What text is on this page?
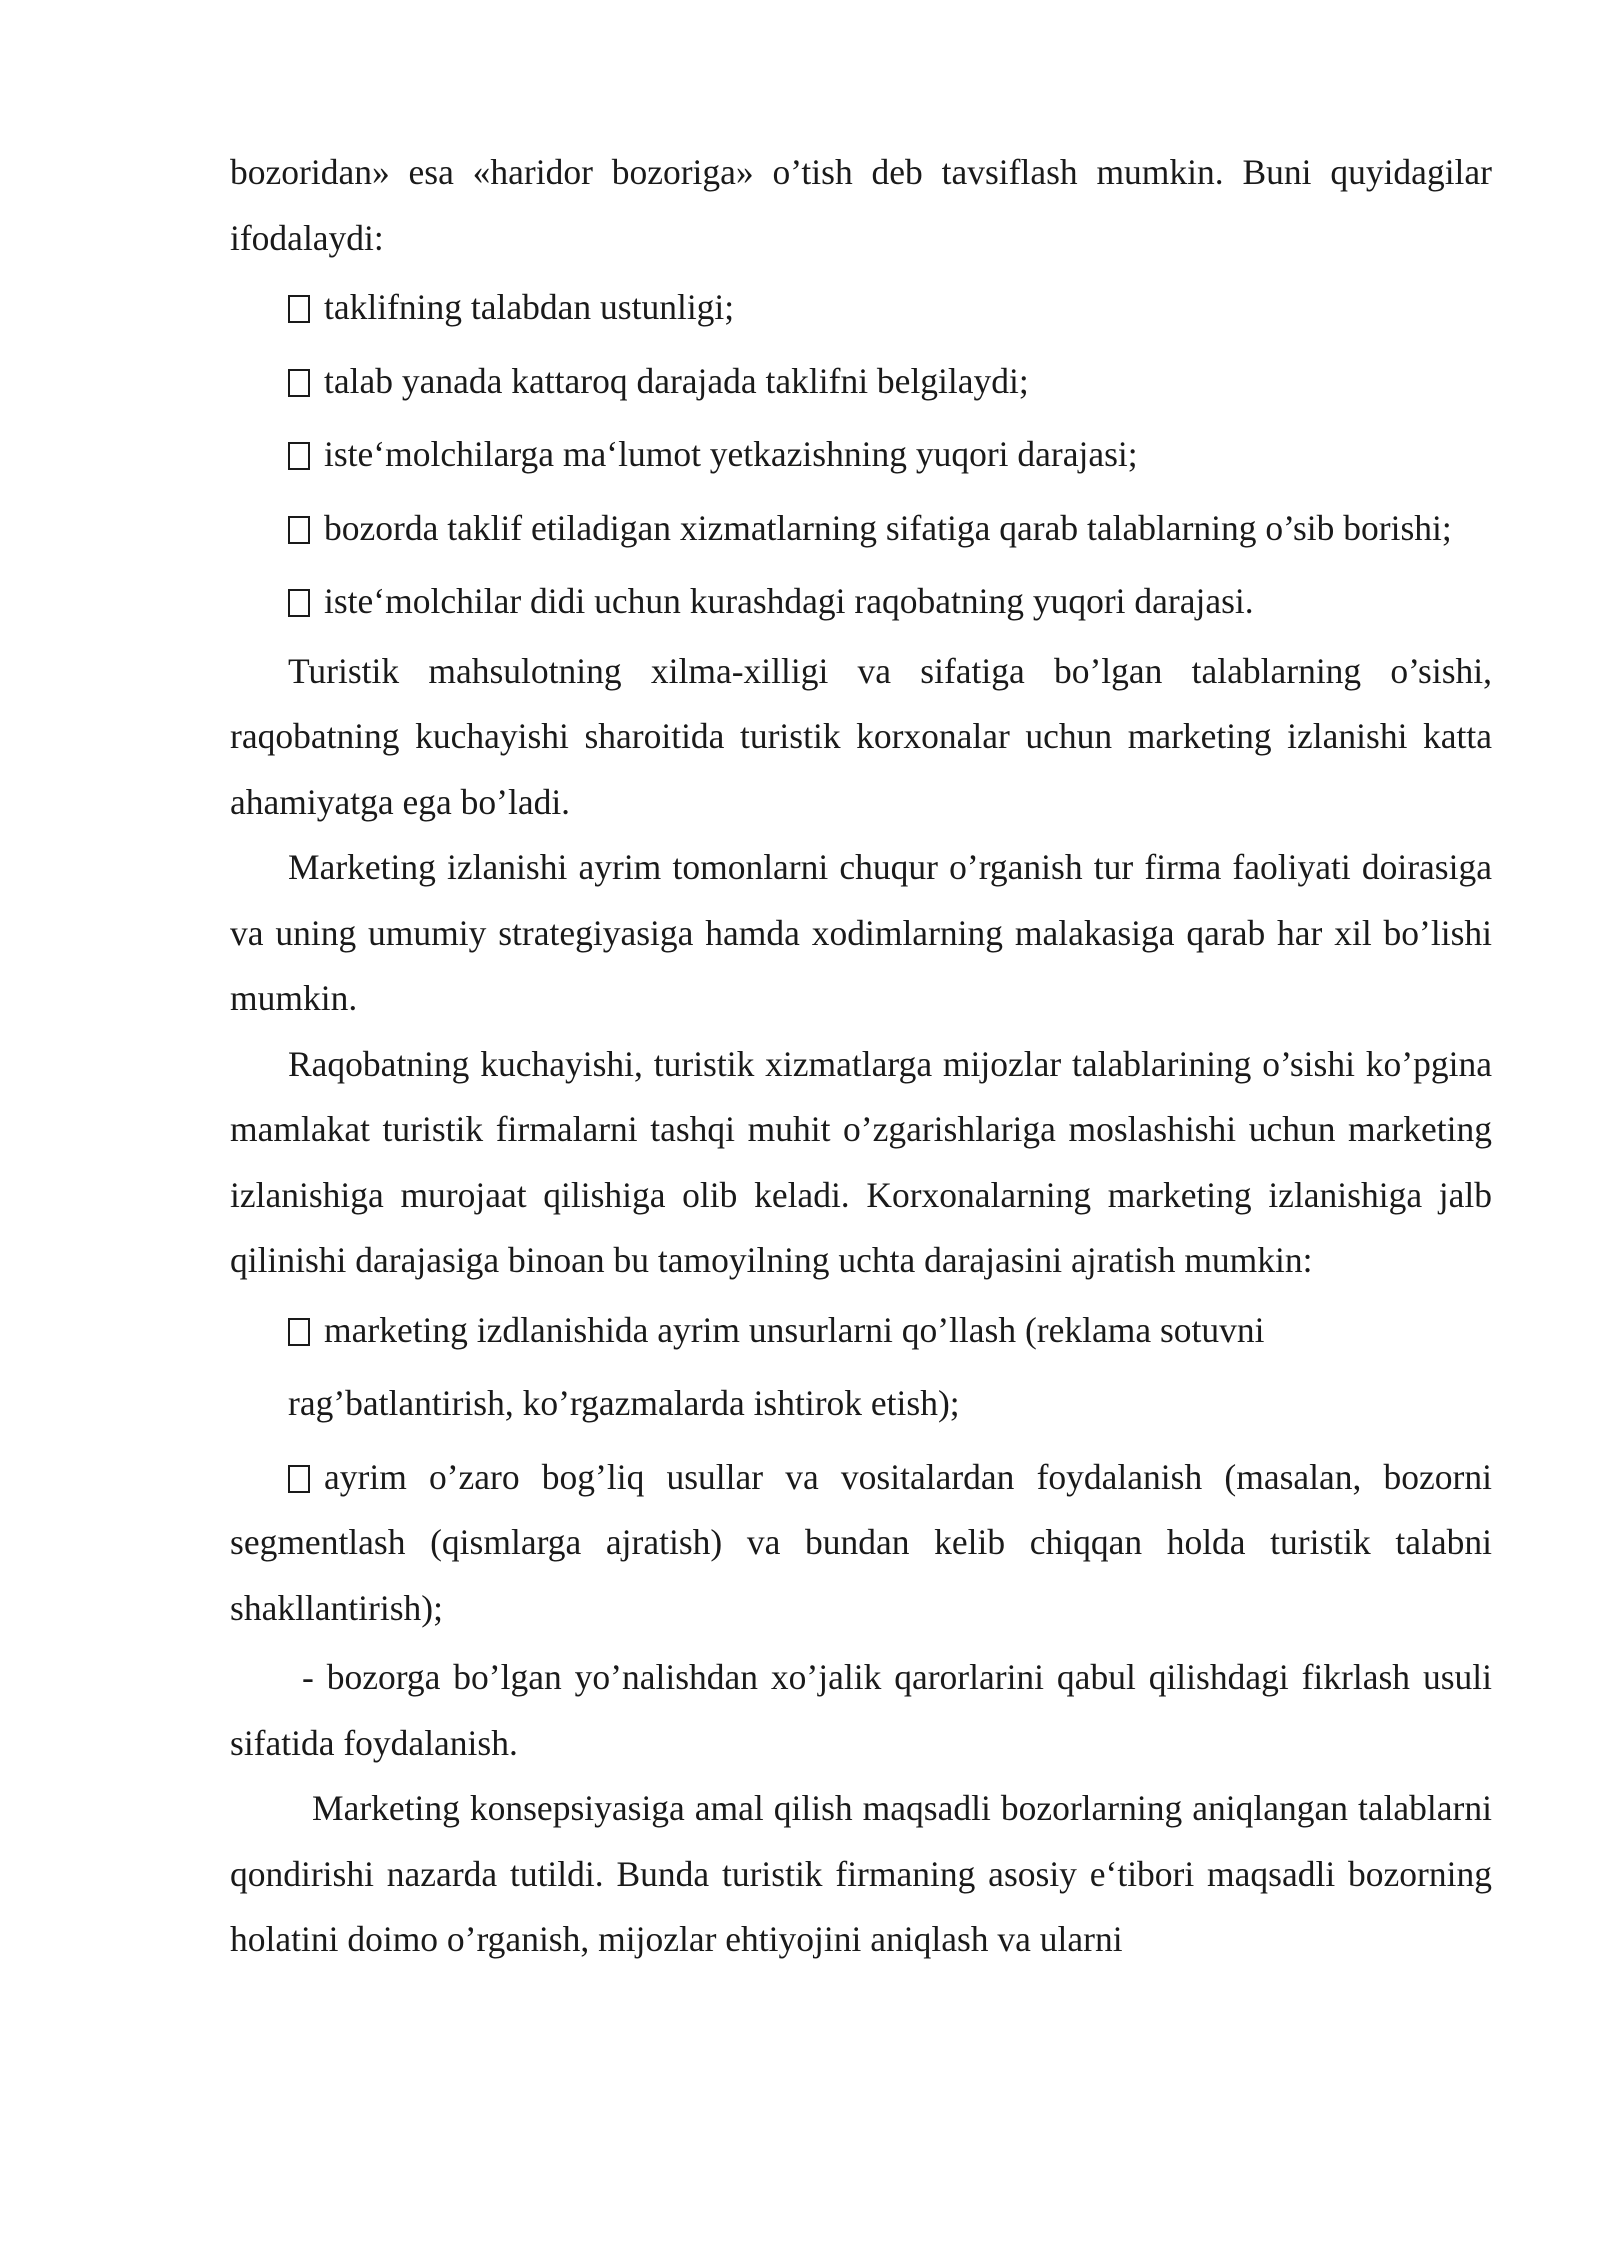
bozoridan» esa «haridor bozoriga» o’tish deb tavsiflash mumkin. Buni quyidagilar ifodalaydi:

taklifning talabdan ustunligi;

talab yanada kattaroq darajada taklifni belgilaydi;

iste‘molchilarga ma‘lumot yetkazishning yuqori darajasi;

bozorda taklif etiladigan xizmatlarning sifatiga qarab talablarning o’sib borishi;

iste‘molchilar didi uchun kurashdagi raqobatning yuqori darajasi.

Turistik mahsulotning xilma-xilligi va sifatiga bo’lgan talablarning o’sishi, raqobatning kuchayishi sharoitida turistik korxonalar uchun marketing izlanishi katta ahamiyatga ega bo’ladi.

Marketing izlanishi ayrim tomonlarni chuqur o’rganish tur firma faoliyati doirasiga va uning umumiy strategiyasiga hamda xodimlarning malakasiga qarab har xil bo’lishi mumkin.

Raqobatning kuchayishi, turistik xizmatlarga mijozlar talablarining o’sishi ko’pgina mamlakat turistik firmalarni tashqi muhit o’zgarishlariga moslashishi uchun marketing izlanishiga murojaat qilishiga olib keladi. Korxonalarning marketing izlanishiga jalb qilinishi darajasiga binoan bu tamoyilning uchta darajasini ajratish mumkin:

marketing izdlanishida ayrim unsurlarni qo’llash (reklama sotuvni

rag’batlantirish, ko’rgazmalarda ishtirok etish);

ayrim o’zaro bog’liq usullar va vositalardan foydalanish (masalan, bozorni segmentlash (qismlarga ajratish) va bundan kelib chiqqan holda turistik talabni shakllantirish);

- bozorga bo’lgan yo’nalishdan xo’jalik qarorlarini qabul qilishdagi fikrlash usuli sifatida foydalanish.

Marketing konsepsiyasiga amal qilish maqsadli bozorlarning aniqlangan talablarni qondirishi nazarda tutildi. Bunda turistik firmaning asosiy e‘tibori maqsadli bozorning holatini doimo o’rganish, mijozlar ehtiyojini aniqlash va ularni
